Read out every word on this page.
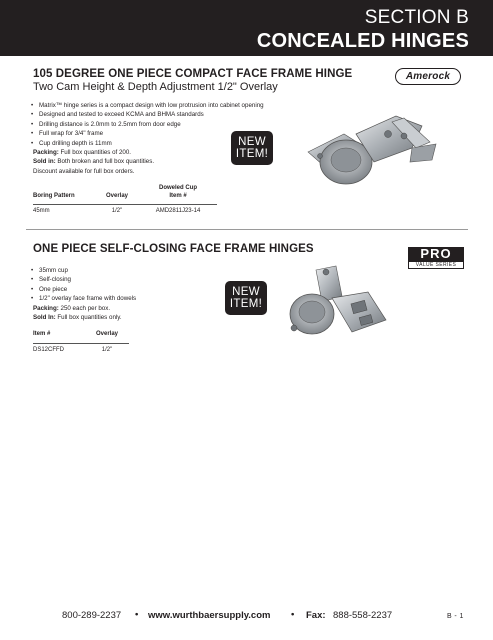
SECTION B
CONCEALED HINGES
105 DEGREE ONE PIECE COMPACT FACE FRAME HINGE
Two Cam Height & Depth Adjustment 1/2" Overlay
Amerock
• Matrix™ hinge series is a compact design with low protrusion into cabinet opening
• Designed and tested to exceed KCMA and BHMA standards
• Drilling distance is 2.0mm to 2.5mm from door edge
• Full wrap for 3/4" frame
• Cup drilling depth is 11mm
Packing: Full box quantities of 200.
Sold in: Both broken and full box quantities.
Discount available for full box orders.
NEW
ITEM!
Boring Pattern	Overlay	Doweled Cup
Item #
45mm	1/2"	AMD2811J23-14
ONE PIECE SELF-CLOSING FACE FRAME HINGES	PRO
VALUE SERIES
• 35mm cup
• Self-closing
• One piece
• 1/2" overlay face frame with dowels
Packing: 250 each per box.
Sold In: Full box quantities only.
NEW
ITEM!
Item #	Overlay
DS12CFFD	1/2"
800-289-2237 • www.wurthbaersupply.com • Fax: 888-558-2237	B - 1
